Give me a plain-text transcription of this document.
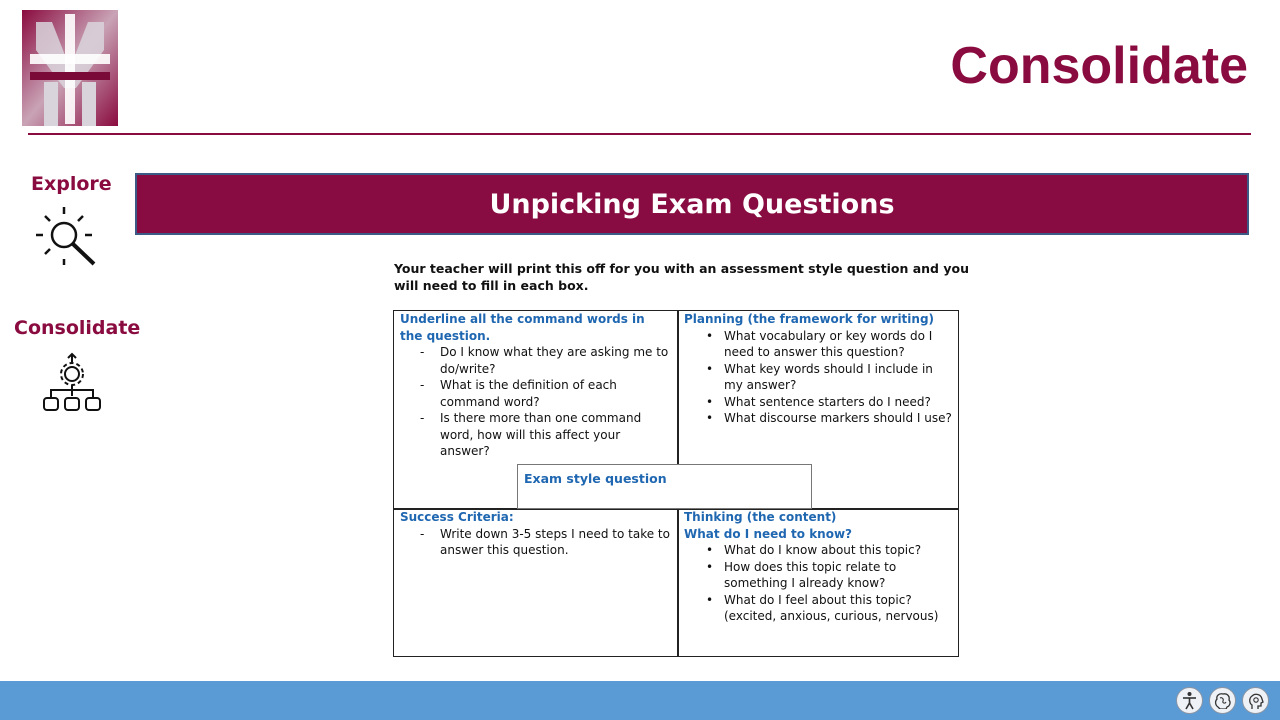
Consolidate
Explore
Consolidate
Unpicking Exam Questions
Your teacher will print this off for you with an assessment style question and you will need to fill in each box.
Underline all the command words in the question.
- Do I know what they are asking me to do/write?
- What is the definition of each command word?
- Is there more than one command word, how will this affect your answer?
Planning (the framework for writing)
• What vocabulary or key words do I need to answer this question?
• What key words should I include in my answer?
• What sentence starters do I need?
• What discourse markers should I use?
Success Criteria:
- Write down 3-5 steps I need to take to answer this question.
Thinking (the content)
What do I need to know?
• What do I know about this topic?
• How does this topic relate to something I already know?
• What do I feel about this topic? (excited, anxious, curious, nervous)
Exam style question
